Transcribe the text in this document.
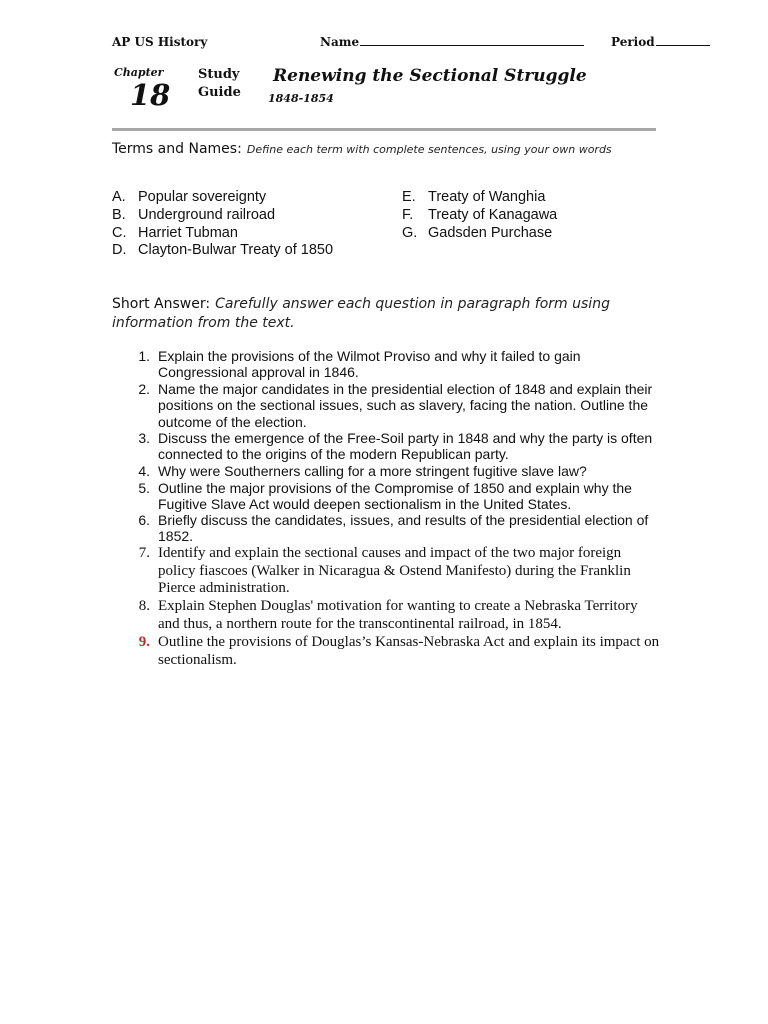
AP US History	Name	Period
Chapter
18
Study
Guide
Renewing the Sectional Struggle
1848-1854
Terms and Names: Define each term with complete sentences, using your own words
A. Popular sovereignty
B. Underground railroad
C. Harriet Tubman
D. Clayton-Bulwar Treaty of 1850
E. Treaty of Wanghia
F. Treaty of Kanagawa
G. Gadsden Purchase
Short Answer: Carefully answer each question in paragraph form using information from the text.
1. Explain the provisions of the Wilmot Proviso and why it failed to gain Congressional approval in 1846.
2. Name the major candidates in the presidential election of 1848 and explain their positions on the sectional issues, such as slavery, facing the nation. Outline the outcome of the election.
3. Discuss the emergence of the Free-Soil party in 1848 and why the party is often connected to the origins of the modern Republican party.
4. Why were Southerners calling for a more stringent fugitive slave law?
5. Outline the major provisions of the Compromise of 1850 and explain why the Fugitive Slave Act would deepen sectionalism in the United States.
6. Briefly discuss the candidates, issues, and results of the presidential election of 1852.
7. Identify and explain the sectional causes and impact of the two major foreign policy fiascoes (Walker in Nicaragua & Ostend Manifesto) during the Franklin Pierce administration.
8. Explain Stephen Douglas' motivation for wanting to create a Nebraska Territory and thus, a northern route for the transcontinental railroad, in 1854.
9. Outline the provisions of Douglas’s Kansas-Nebraska Act and explain its impact on sectionalism.
